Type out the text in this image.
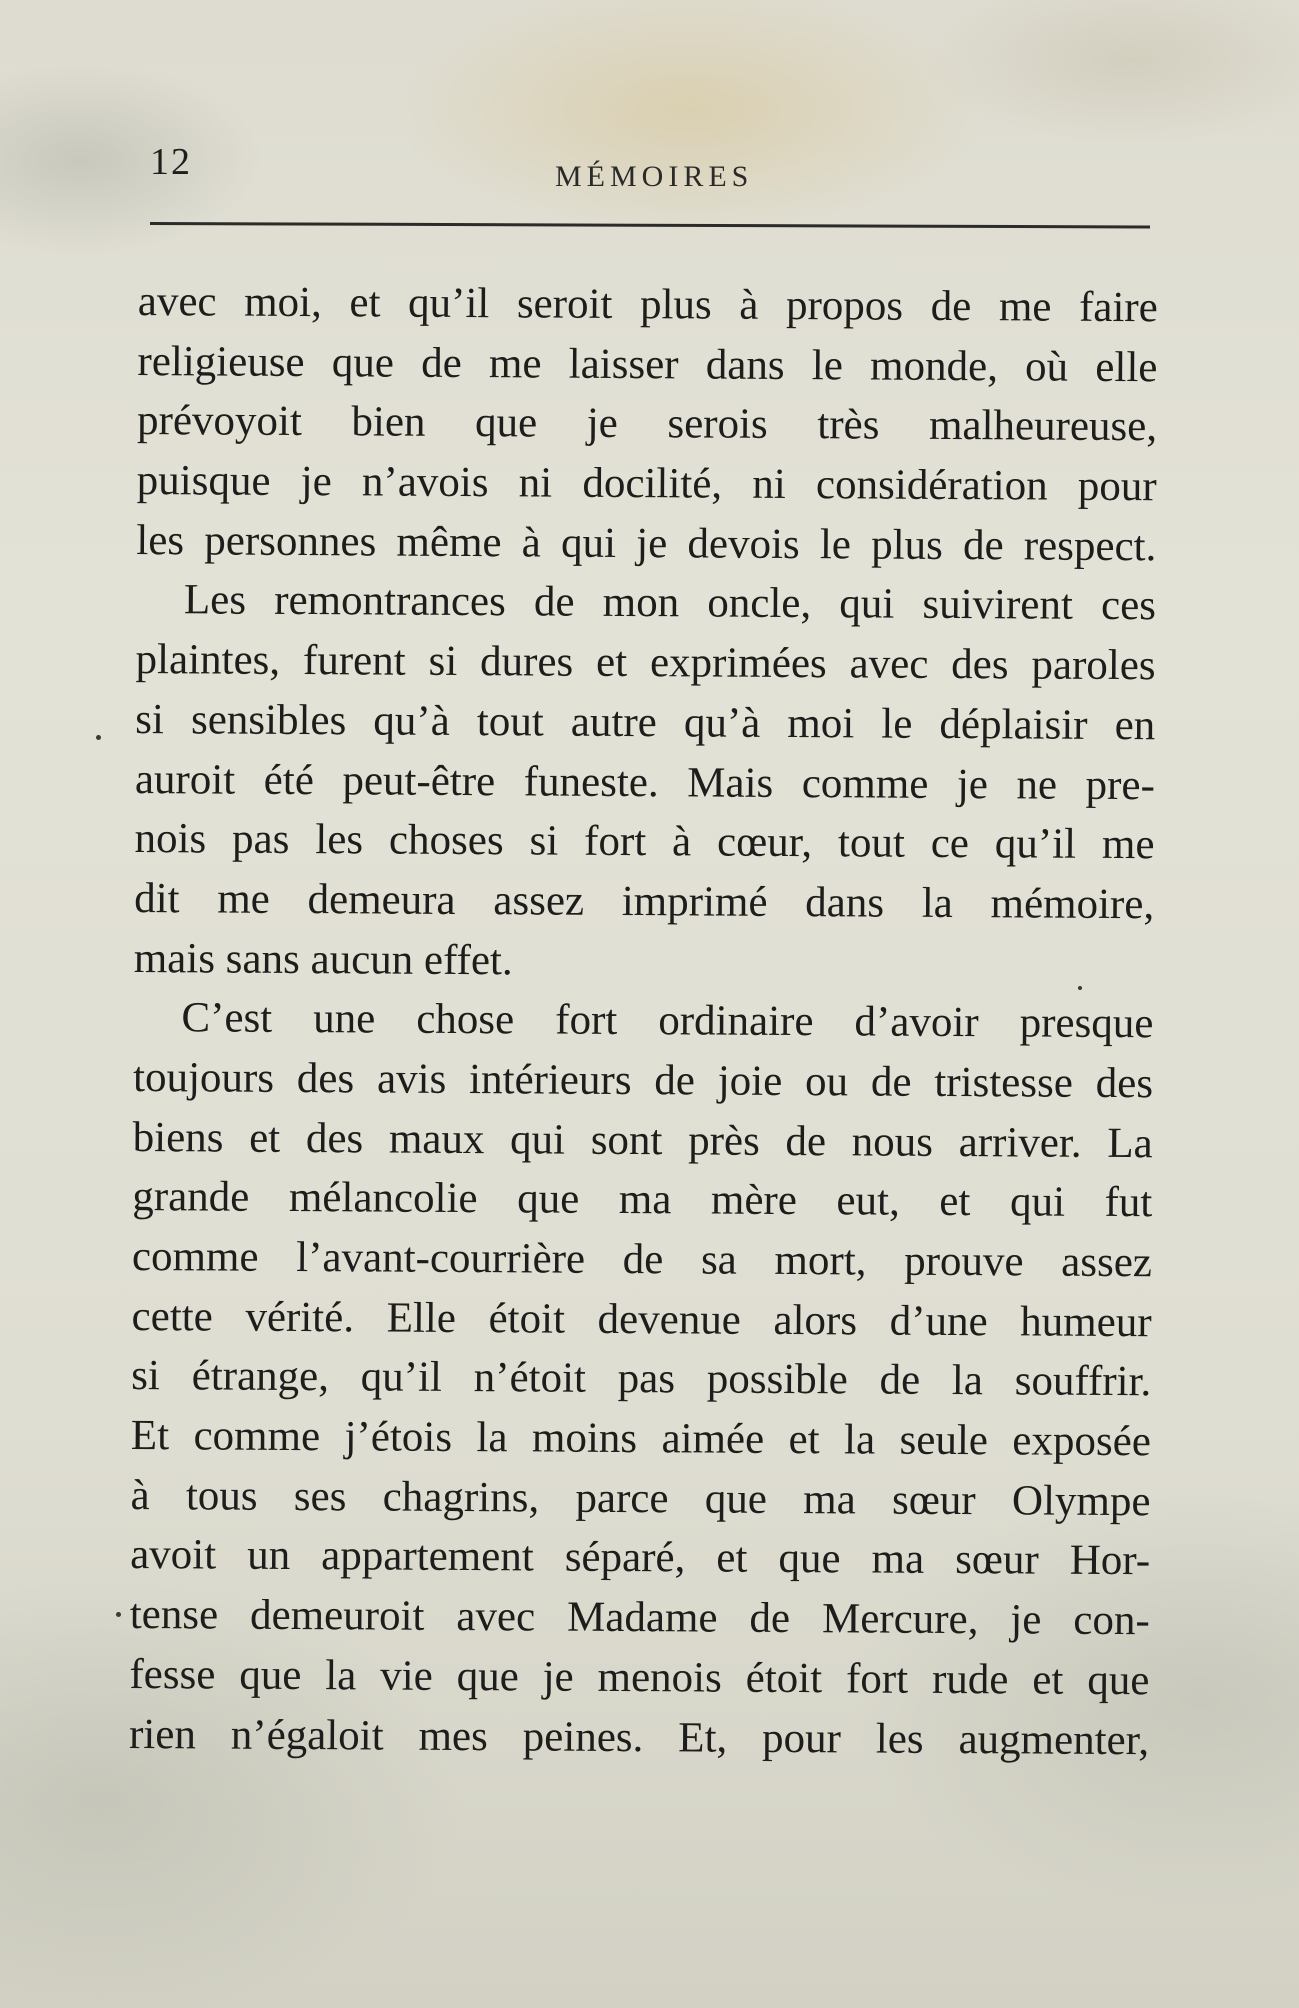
12	MÉMOIRES
avec moi, et qu’il seroit plus à propos de me faire
religieuse que de me laisser dans le monde, où elle
prévoyoit bien que je serois très malheureuse,
puisque je n’avois ni docilité, ni considération pour
les personnes même à qui je devois le plus de respect.
Les remontrances de mon oncle, qui suivirent ces
plaintes, furent si dures et exprimées avec des paroles
si sensibles qu’à tout autre qu’à moi le déplaisir en
auroit été peut-être funeste. Mais comme je ne pre-
nois pas les choses si fort à cœur, tout ce qu’il me
dit me demeura assez imprimé dans la mémoire,
mais sans aucun effet.
C’est une chose fort ordinaire d’avoir presque
toujours des avis intérieurs de joie ou de tristesse des
biens et des maux qui sont près de nous arriver. La
grande mélancolie que ma mère eut, et qui fut
comme l’avant-courrière de sa mort, prouve assez
cette vérité. Elle étoit devenue alors d’une humeur
si étrange, qu’il n’étoit pas possible de la souffrir.
Et comme j’étois la moins aimée et la seule exposée
à tous ses chagrins, parce que ma sœur Olympe
avoit un appartement séparé, et que ma sœur Hor-
tense demeuroit avec Madame de Mercure, je con-
fesse que la vie que je menois étoit fort rude et que
rien n’égaloit mes peines. Et, pour les augmenter,
